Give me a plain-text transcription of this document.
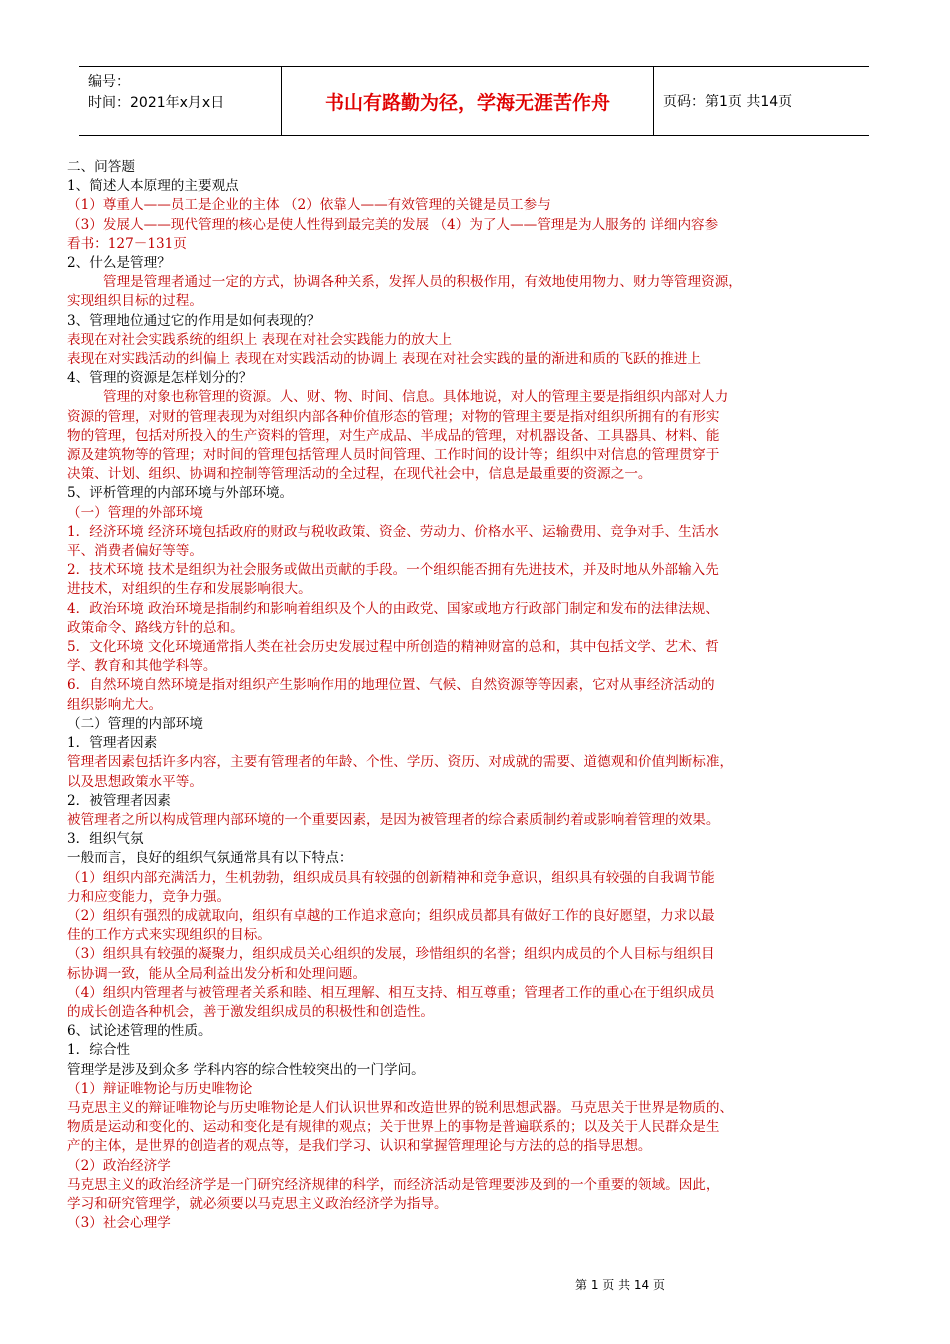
编号：
时间：2021年x月x日	书山有路勤为径，学海无涯苦作舟	页码：第1页 共14页
二、问答题
1、简述人本原理的主要观点
（1）尊重人——员工是企业的主体 （2）依靠人——有效管理的关键是员工参与
（3）发展人——现代管理的核心是使人性得到最完美的发展 （4）为了人——管理是为人服务的 详细内容参
看书：127－131页
2、什么是管理？
管理是管理者通过一定的方式，协调各种关系，发挥人员的积极作用，有效地使用物力、财力等管理资源，
实现组织目标的过程。
3、管理地位通过它的作用是如何表现的？
表现在对社会实践系统的组织上 表现在对社会实践能力的放大上
表现在对实践活动的纠偏上 表现在对实践活动的协调上 表现在对社会实践的量的渐进和质的飞跃的推进上
4、管理的资源是怎样划分的？
管理的对象也称管理的资源。人、财、物、时间、信息。具体地说，对人的管理主要是指组织内部对人力
资源的管理，对财的管理表现为对组织内部各种价值形态的管理；对物的管理主要是指对组织所拥有的有形实
物的管理，包括对所投入的生产资料的管理，对生产成品、半成品的管理，对机器设备、工具器具、材料、能
源及建筑物等的管理；对时间的管理包括管理人员时间管理、工作时间的设计等；组织中对信息的管理贯穿于
决策、计划、组织、协调和控制等管理活动的全过程，在现代社会中，信息是最重要的资源之一。
5、评析管理的内部环境与外部环境。
（一）管理的外部环境
1．经济环境 经济环境包括政府的财政与税收政策、资金、劳动力、价格水平、运输费用、竞争对手、生活水
平、消费者偏好等等。
2．技术环境 技术是组织为社会服务或做出贡献的手段。一个组织能否拥有先进技术，并及时地从外部输入先
进技术，对组织的生存和发展影响很大。
4．政治环境 政治环境是指制约和影响着组织及个人的由政党、国家或地方行政部门制定和发布的法律法规、
政策命令、路线方针的总和。
5．文化环境 文化环境通常指人类在社会历史发展过程中所创造的精神财富的总和，其中包括文学、艺术、哲
学、教育和其他学科等。
6．自然环境自然环境是指对组织产生影响作用的地理位置、气候、自然资源等等因素，它对从事经济活动的
组织影响尤大。
（二）管理的内部环境
1．管理者因素
管理者因素包括许多内容，主要有管理者的年龄、个性、学历、资历、对成就的需要、道德观和价值判断标准，
以及思想政策水平等。
2．被管理者因素
被管理者之所以构成管理内部环境的一个重要因素，是因为被管理者的综合素质制约着或影响着管理的效果。
3．组织气氛
一般而言，良好的组织气氛通常具有以下特点：
（1）组织内部充满活力，生机勃勃，组织成员具有较强的创新精神和竞争意识，组织具有较强的自我调节能
力和应变能力，竞争力强。
（2）组织有强烈的成就取向，组织有卓越的工作追求意向；组织成员都具有做好工作的良好愿望，力求以最
佳的工作方式来实现组织的目标。
（3）组织具有较强的凝聚力，组织成员关心组织的发展，珍惜组织的名誉；组织内成员的个人目标与组织目
标协调一致，能从全局利益出发分析和处理问题。
（4）组织内管理者与被管理者关系和睦、相互理解、相互支持、相互尊重；管理者工作的重心在于组织成员
的成长创造各种机会，善于激发组织成员的积极性和创造性。
6、试论述管理的性质。
1．综合性
管理学是涉及到众多 学科内容的综合性较突出的一门学问。
（1）辩证唯物论与历史唯物论
马克思主义的辩证唯物论与历史唯物论是人们认识世界和改造世界的锐利思想武器。马克思关于世界是物质的、
物质是运动和变化的、运动和变化是有规律的观点；关于世界上的事物是普遍联系的；以及关于人民群众是生
产的主体，是世界的创造者的观点等，是我们学习、认识和掌握管理理论与方法的总的指导思想。
（2）政治经济学
马克思主义的政治经济学是一门研究经济规律的科学，而经济活动是管理要涉及到的一个重要的领域。因此，
学习和研究管理学，就必须要以马克思主义政治经济学为指导。
（3）社会心理学
第 1 页 共 14 页
